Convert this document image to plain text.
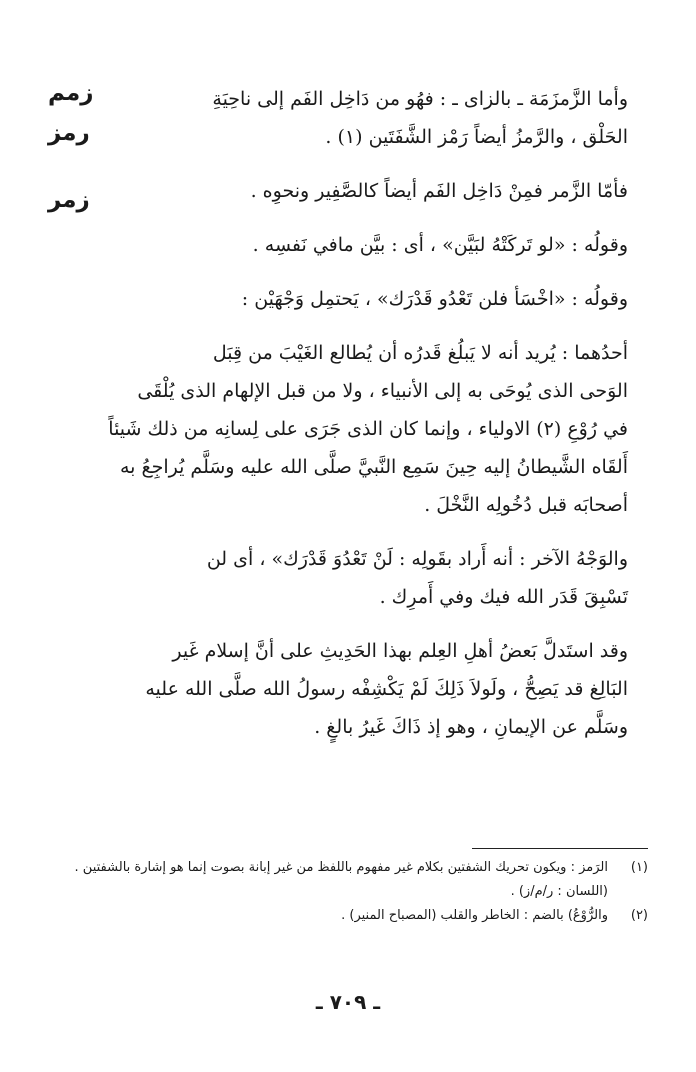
زمم
رمز
زمر

وأما الزَّمزَمَة ـ بالزاى ـ : فهُو من دَاخِل الفَم إلى ناحِيَةِ
الحَلْق ، والرَّمزُ أيضاً رَمْز الشَّفَتَين (١) .

فأمّا الزَّمر فمِنْ دَاخِل الفَم أيضاً كالصَّفِير ونحوِه .

وقولُه : «لو تَركَتْهُ لبَيَّن» ، أى : بيَّن مافي نَفسِه .

وقولُه : «اخْسَأ فلن تَعْدُو قَدْرَك» ، يَحتمِل وَجْهَيْن :

أحدُهما : يُريد أنه لا يَبلُغ قَدرُه أن يُطالع الغَيْبَ من قِبَل
الوَحى الذى يُوحَى به إلى الأنبياء ، ولا من قبل الإلهام الذى يُلْقَى
في رُوْعِ (٢) الاولياء ، وإنما كان الذى جَرَى على لِسانِه من ذلك شَيئاً
أَلقَاه الشَّيطانُ إليه حِينَ سَمِع النَّبيَّ صلَّى الله عليه وسَلَّم يُراجِعُ به
أصحابَه قبل دُخُولِه النَّخْلَ .

والوَجْهُ الآخر : أنه أَراد بقَولِه : لَنْ تَعْدُوَ قَدْرَك» ، أى لن
تَسْبِقَ قَدَر الله فيك وفي أَمرِك .

وقد استَدلَّ بَعضُ أهلِ العِلم بهذا الحَدِيثِ على أنَّ إسلام غَير
البَالِغ قد يَصِحُّ ، ولَولاَ ذَلِكَ لَمْ يَكْشِفْه رسولُ الله صلَّى الله عليه
وسَلَّم عن الإيمانِ ، وهو إذ ذَاكَ غَيرُ بالغٍ .

(١)
الرَمز : ويكون تحريك الشفتين بكلام غير مفهوم باللفظ من غير إبانة بصوت إنما هو إشارة بالشفتين . (اللسان : ر/م/ز) .
(٢)
والرُّوْعُ) بالضم : الخاطر والقلب (المصباح المنير) .
ـ ٧٠٩ ـ
